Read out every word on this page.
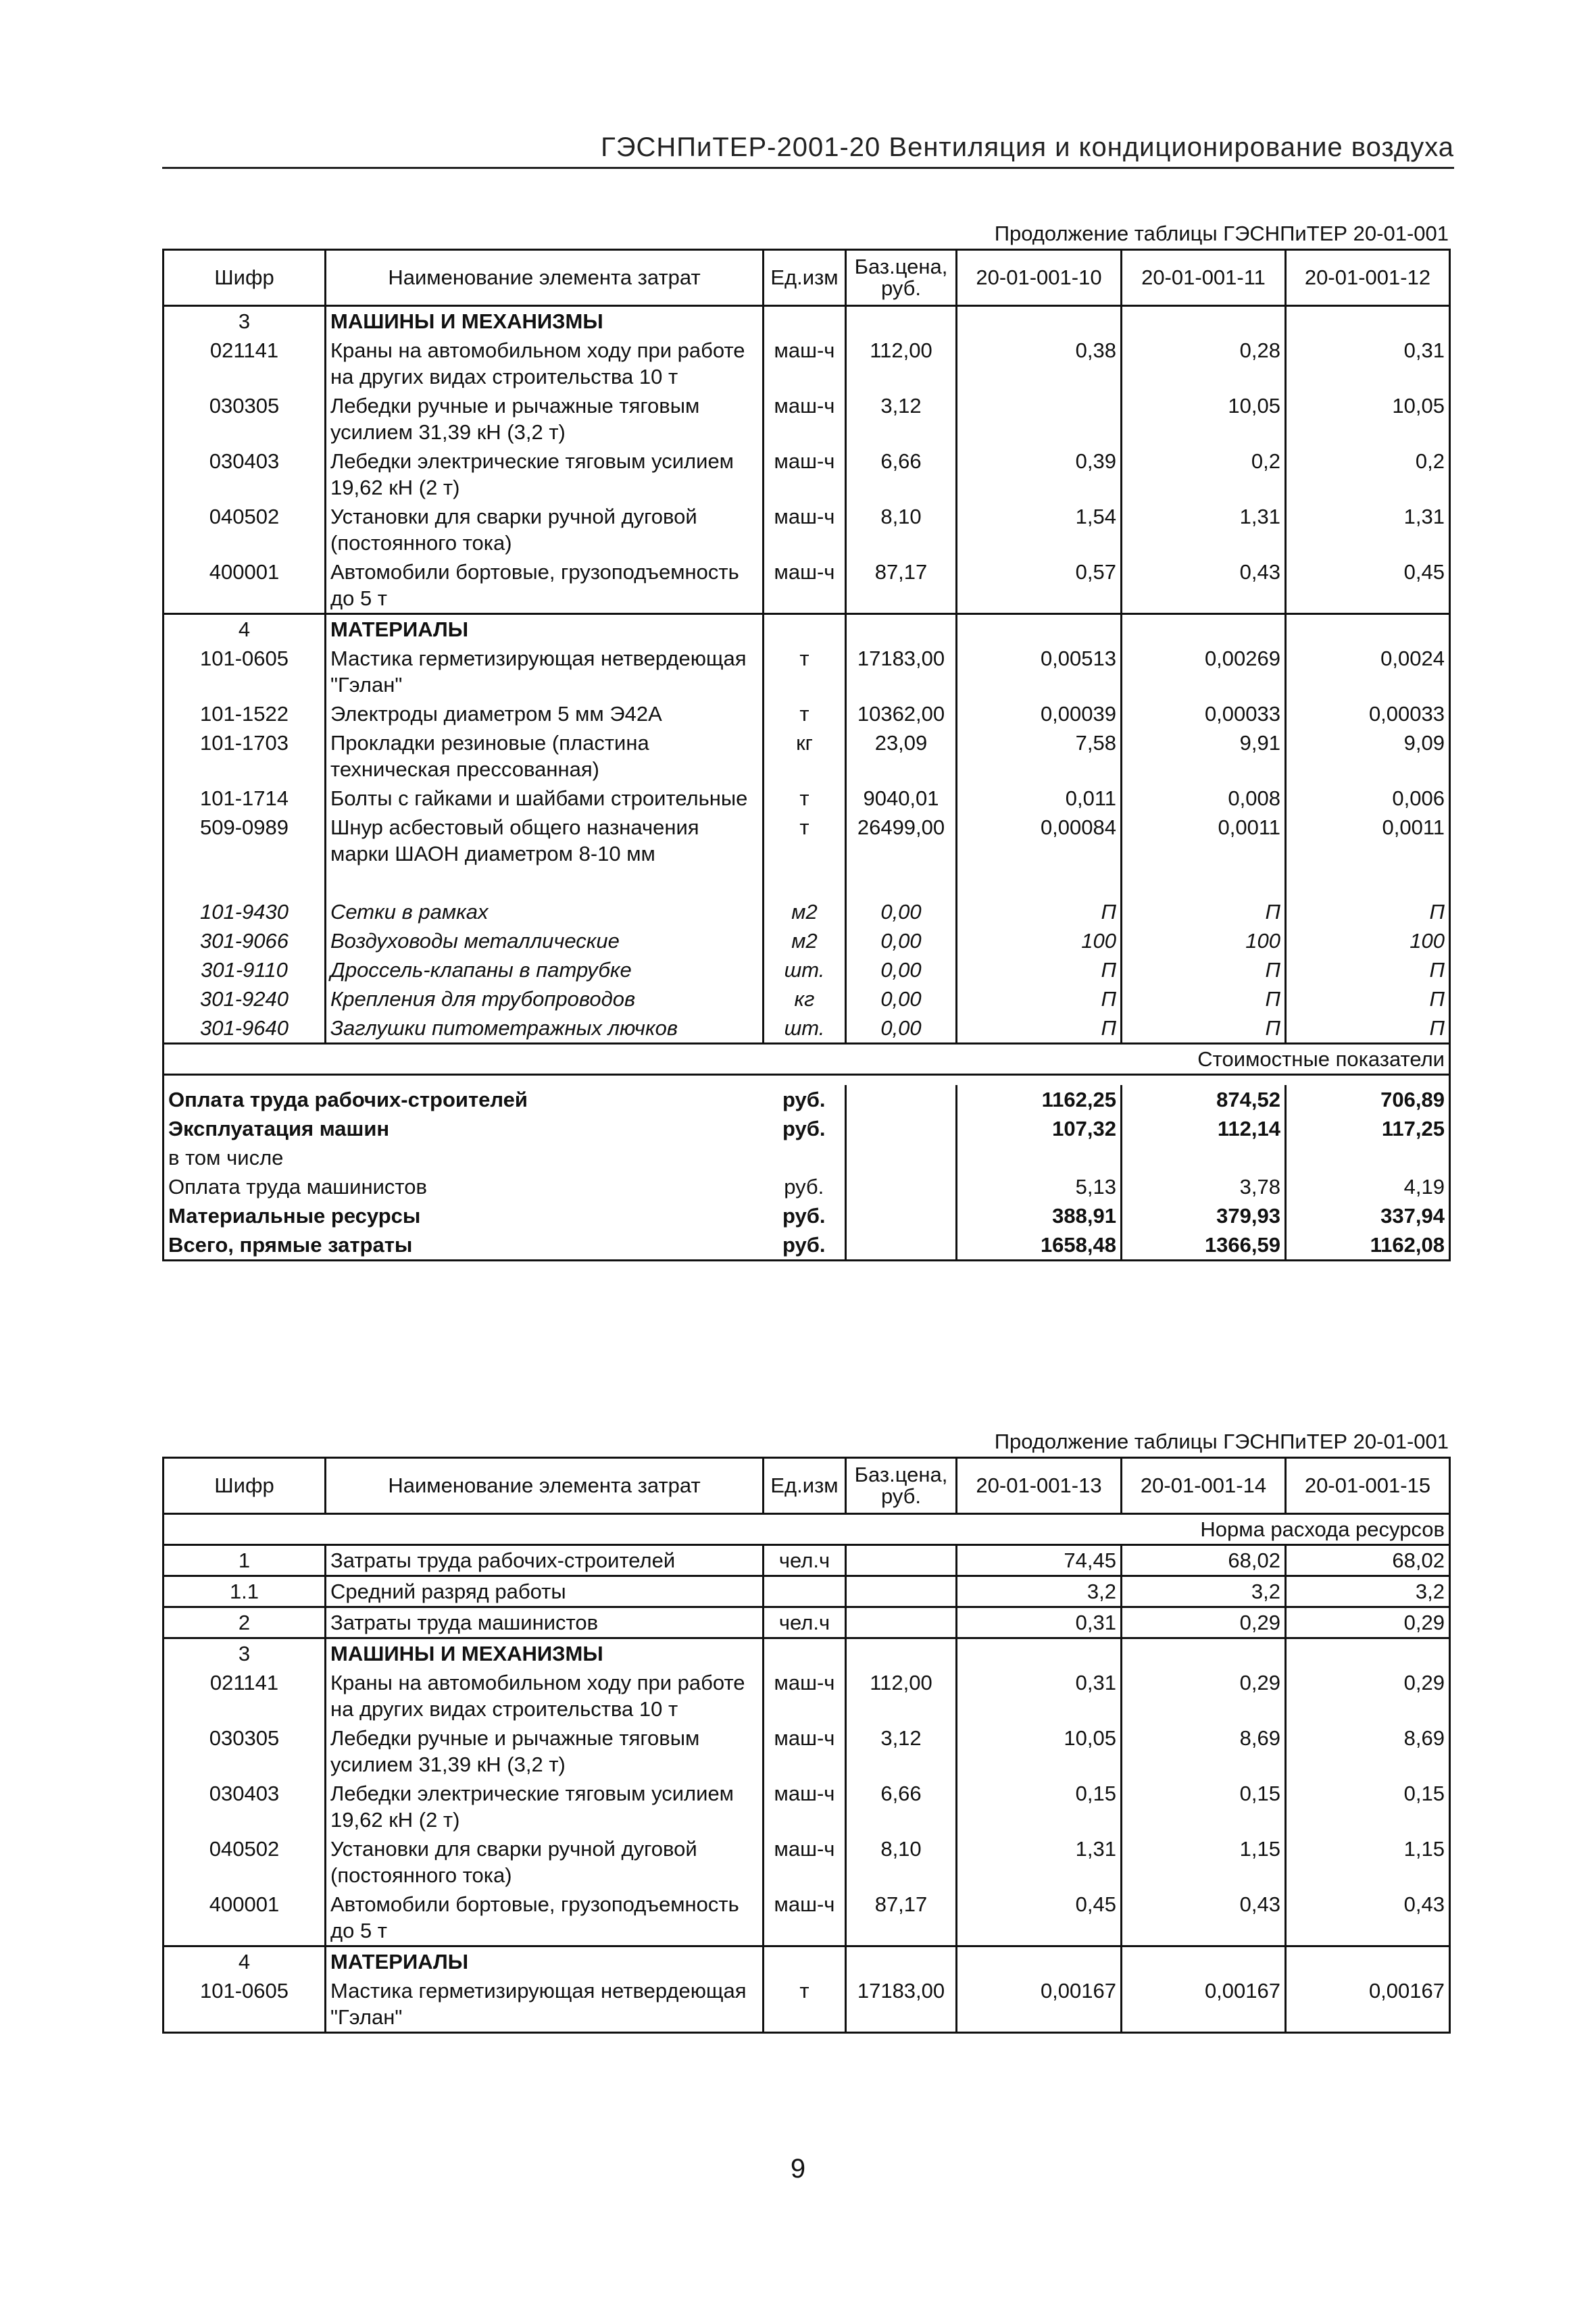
ГЭСНПиТЕР-2001-20 Вентиляция и кондиционирование воздуха
Продолжение таблицы ГЭСНПиТЕР 20-01-001
Шифр	Наименование элемента затрат	Ед.изм	Баз.цена, руб.	20-01-001-10	20-01-001-11	20-01-001-12
3	МАШИНЫ И МЕХАНИЗМЫ					
021141	Краны на автомобильном ходу при работе на других видах строительства 10 т	маш-ч	112,00	0,38	0,28	0,31
030305	Лебедки ручные и рычажные тяговым усилием 31,39 кН (3,2 т)	маш-ч	3,12		10,05	10,05
030403	Лебедки электрические тяговым усилием 19,62 кН (2 т)	маш-ч	6,66	0,39	0,2	0,2
040502	Установки для сварки ручной дуговой (постоянного тока)	маш-ч	8,10	1,54	1,31	1,31
400001	Автомобили бортовые, грузоподъемность до 5 т	маш-ч	87,17	0,57	0,43	0,45
4	МАТЕРИАЛЫ					
101-0605	Мастика герметизирующая нетвердеющая "Гэлан"	т	17183,00	0,00513	0,00269	0,0024
101-1522	Электроды диаметром 5 мм Э42А	т	10362,00	0,00039	0,00033	0,00033
101-1703	Прокладки резиновые (пластина техническая прессованная)	кг	23,09	7,58	9,91	9,09
101-1714	Болты с гайками и шайбами строительные	т	9040,01	0,011	0,008	0,006
509-0989	Шнур асбестовый общего назначения марки ШАОН диаметром 8-10 мм	т	26499,00	0,00084	0,0011	0,0011

101-9430	Сетки в рамках	м2	0,00	П	П	П
301-9066	Воздуховоды металлические	м2	0,00	100	100	100
301-9110	Дроссель-клапаны в патрубке	шт.	0,00	П	П	П
301-9240	Крепления для трубопроводов	кг	0,00	П	П	П
301-9640	Заглушки питометражных лючков	шт.	0,00	П	П	П
Стоимостные показатели						

Оплата труда рабочих-строителей		руб.		1162,25	874,52	706,89
Эксплуатация машин		руб.		107,32	112,14	117,25
в том числе						
Оплата труда машинистов		руб.		5,13	3,78	4,19
Материальные ресурсы		руб.		388,91	379,93	337,94
Всего, прямые затраты		руб.		1658,48	1366,59	1162,08
Продолжение таблицы ГЭСНПиТЕР 20-01-001
Шифр	Наименование элемента затрат	Ед.изм	Баз.цена, руб.	20-01-001-13	20-01-001-14	20-01-001-15
Норма расхода ресурсов						
1	Затраты труда рабочих-строителей	чел.ч		74,45	68,02	68,02
1.1	Средний разряд работы			3,2	3,2	3,2
2	Затраты труда машинистов	чел.ч		0,31	0,29	0,29
3	МАШИНЫ И МЕХАНИЗМЫ					
021141	Краны на автомобильном ходу при работе на других видах строительства 10 т	маш-ч	112,00	0,31	0,29	0,29
030305	Лебедки ручные и рычажные тяговым усилием 31,39 кН (3,2 т)	маш-ч	3,12	10,05	8,69	8,69
030403	Лебедки электрические тяговым усилием 19,62 кН (2 т)	маш-ч	6,66	0,15	0,15	0,15
040502	Установки для сварки ручной дуговой (постоянного тока)	маш-ч	8,10	1,31	1,15	1,15
400001	Автомобили бортовые, грузоподъемность до 5 т	маш-ч	87,17	0,45	0,43	0,43
4	МАТЕРИАЛЫ					
101-0605	Мастика герметизирующая нетвердеющая "Гэлан"	т	17183,00	0,00167	0,00167	0,00167
9
